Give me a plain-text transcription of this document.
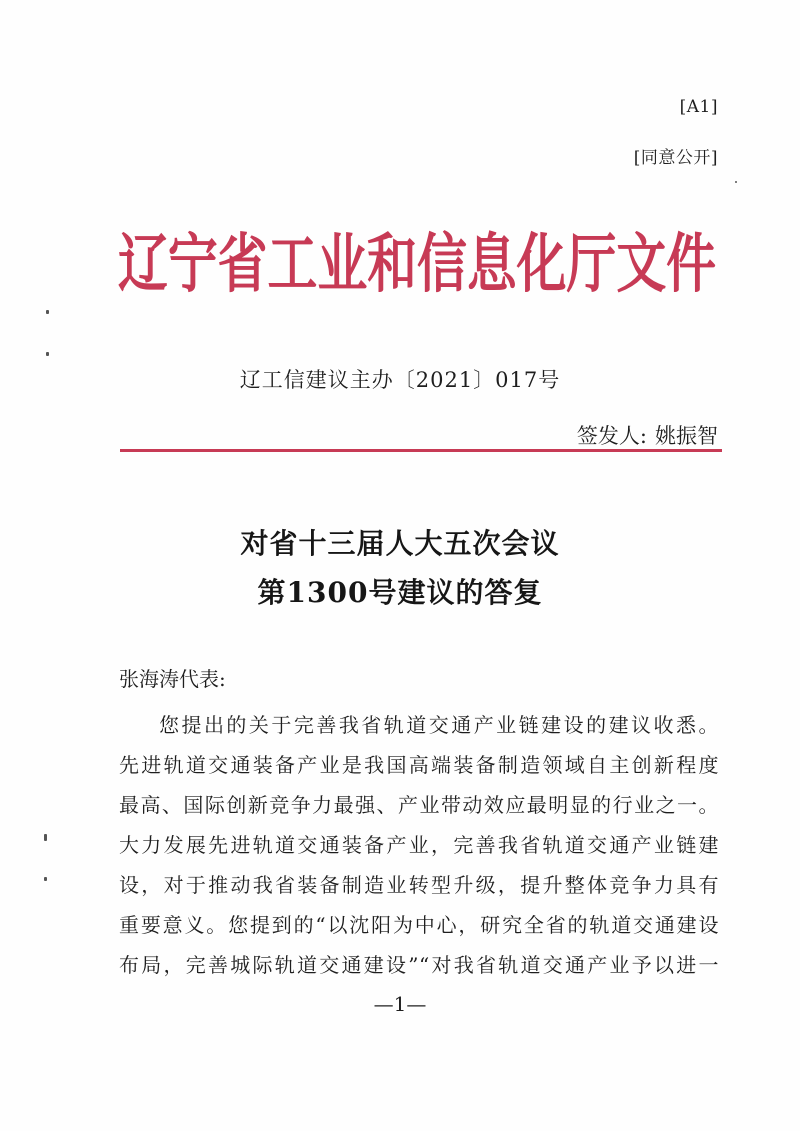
[A1]
[同意公开]
辽宁省工业和信息化厅文件
辽工信建议主办〔2021〕017号
签发人: 姚振智
对省十三届人大五次会议
第1300号建议的答复
张海涛代表:
您提出的关于完善我省轨道交通产业链建设的建议收悉。
先进轨道交通装备产业是我国高端装备制造领域自主创新程度
最高、国际创新竞争力最强、产业带动效应最明显的行业之一。
大力发展先进轨道交通装备产业，完善我省轨道交通产业链建
设，对于推动我省装备制造业转型升级，提升整体竞争力具有
重要意义。您提到的“以沈阳为中心，研究全省的轨道交通建设
布局，完善城际轨道交通建设”“对我省轨道交通产业予以进一
—1—
